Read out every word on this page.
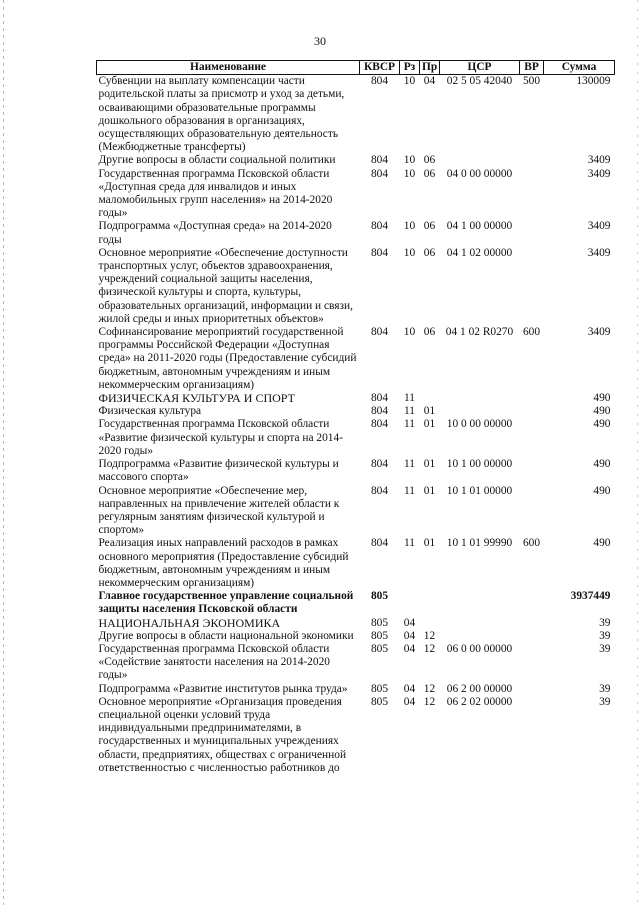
30
Наименование	КВСР	Рз	Пр	ЦСР	ВР	Сумма
Субвенции на выплату компенсации части родительской платы за присмотр и уход за детьми, осваивающими образовательные программы дошкольного образования в организациях, осуществляющих образовательную деятельность (Межбюджетные трансферты)	804	10	04	02 5 05 42040	500	130009
Другие вопросы в области социальной политики	804	10	06			3409
Государственная программа Псковской области «Доступная среда для инвалидов и иных маломобильных групп населения» на 2014-2020 годы»	804	10	06	04 0 00 00000		3409
Подпрограмма «Доступная среда» на 2014-2020 годы	804	10	06	04 1 00 00000		3409
Основное мероприятие «Обеспечение доступности транспортных услуг, объектов здравоохранения, учреждений социальной защиты населения, физической культуры и спорта, культуры, образовательных организаций, информации и связи, жилой среды и иных приоритетных объектов»	804	10	06	04 1 02 00000		3409
Софинансирование мероприятий государственной программы Российской Федерации «Доступная среда» на 2011-2020 годы (Предоставление субсидий бюджетным, автономным учреждениям и иным некоммерческим организациям)	804	10	06	04 1 02 R0270	600	3409
ФИЗИЧЕСКАЯ КУЛЬТУРА И СПОРТ	804	11				490
Физическая культура	804	11	01			490
Государственная программа Псковской области «Развитие физической культуры и спорта на 2014-2020 годы»	804	11	01	10 0 00 00000		490
Подпрограмма «Развитие физической культуры и массового спорта»	804	11	01	10 1 00 00000		490
Основное мероприятие «Обеспечение мер, направленных на привлечение жителей области к регулярным занятиям физической культурой и спортом»	804	11	01	10 1 01 00000		490
Реализация иных направлений расходов в рамках основного мероприятия (Предоставление субсидий бюджетным, автономным учреждениям и иным некоммерческим организациям)	804	11	01	10 1 01 99990	600	490
Главное государственное управление социальной защиты населения Псковской области	805					3937449
НАЦИОНАЛЬНАЯ ЭКОНОМИКА	805	04				39
Другие вопросы в области национальной экономики	805	04	12			39
Государственная программа Псковской области «Содействие занятости населения на 2014-2020 годы»	805	04	12	06 0 00 00000		39
Подпрограмма «Развитие институтов рынка труда»	805	04	12	06 2 00 00000		39
Основное мероприятие «Организация проведения специальной оценки условий труда индивидуальными предпринимателями, в государственных и муниципальных учреждениях области, предприятиях, обществах с ограниченной ответственностью с численностью работников до	805	04	12	06 2 02 00000		39
